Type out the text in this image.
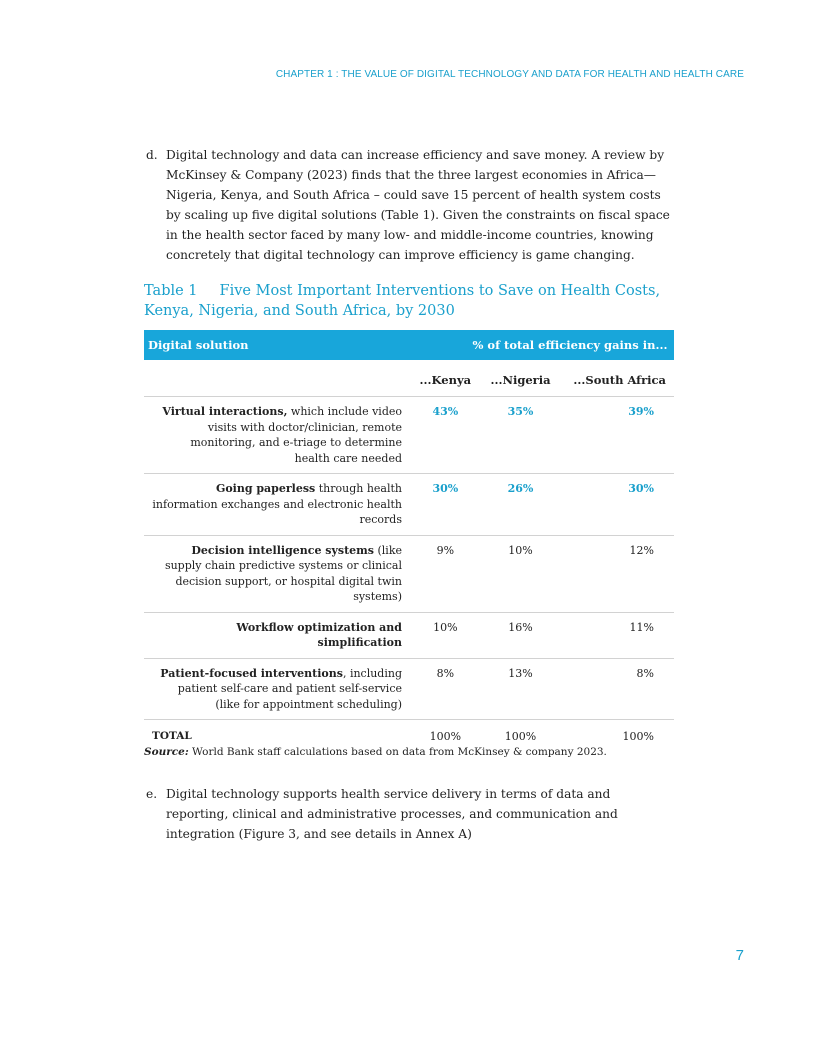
CHAPTER 1 : THE VALUE OF DIGITAL TECHNOLOGY AND DATA FOR HEALTH AND HEALTH CARE
d. Digital technology and data can increase efficiency and save money. A review by McKinsey & Company (2023) finds that the three largest economies in Africa—Nigeria, Kenya, and South Africa – could save 15 percent of health system costs by scaling up five digital solutions (Table 1). Given the constraints on fiscal space in the health sector faced by many low- and middle-income countries, knowing concretely that digital technology can improve efficiency is game changing.
Table 1 Five Most Important Interventions to Save on Health Costs, Kenya, Nigeria, and South Africa, by 2030
Digital solution	% of total efficiency gains in...		
	...Kenya	...Nigeria	...South Africa
Virtual interactions, which include video visits with doctor/clinician, remote monitoring, and e-triage to determine health care needed	43%	35%	39%
Going paperless through health information exchanges and electronic health records	30%	26%	30%
Decision intelligence systems (like supply chain predictive systems or clinical decision support, or hospital digital twin systems)	9%	10%	12%
Workflow optimization and simplification	10%	16%	11%
Patient-focused interventions, including patient self-care and patient self-service (like for appointment scheduling)	8%	13%	8%
TOTAL	100%	100%	100%
Source: World Bank staff calculations based on data from McKinsey & company 2023.
e. Digital technology supports health service delivery in terms of data and reporting, clinical and administrative processes, and communication and integration (Figure 3, and see details in Annex A)
7
